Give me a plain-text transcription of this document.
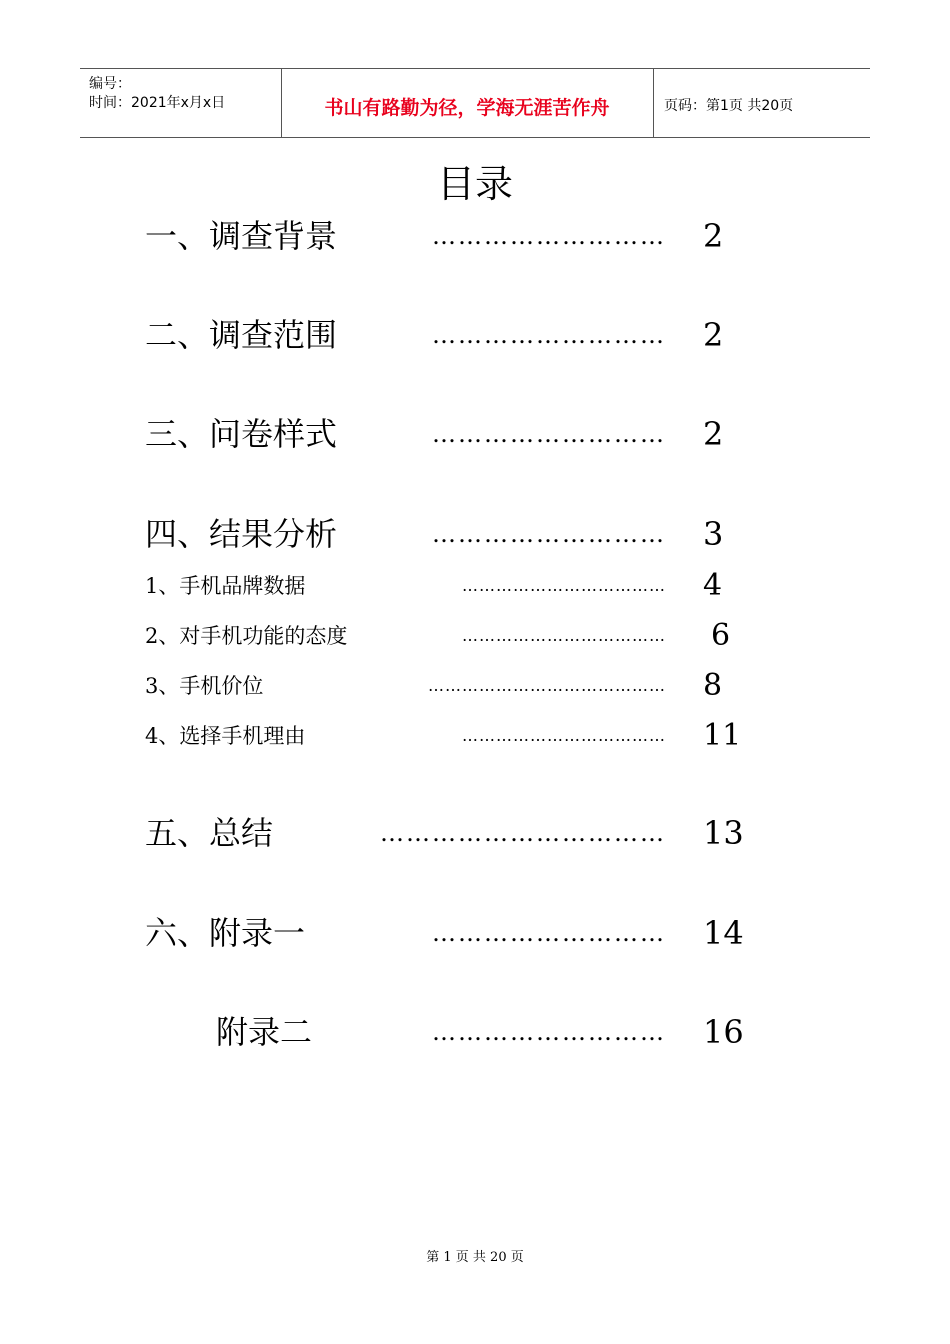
编号：
时间：2021年x月x日	书山有路勤为径，学海无涯苦作舟	页码：第1页 共20页
目录
一、调查背景	……………………… 2
二、调查范围	……………………… 2
三、问卷样式	……………………… 2
四、结果分析	……………………… 3
1、手机品牌数据	……………………………… 4
2、对手机功能的态度	……………………………… 6
3、手机价位	…………………………………… 8
4、选择手机理由	……………………………… 11
五、总结	…………………………… 13
六、附录一	……………………… 14
附录二	……………………… 16
第 1 页 共 20 页
